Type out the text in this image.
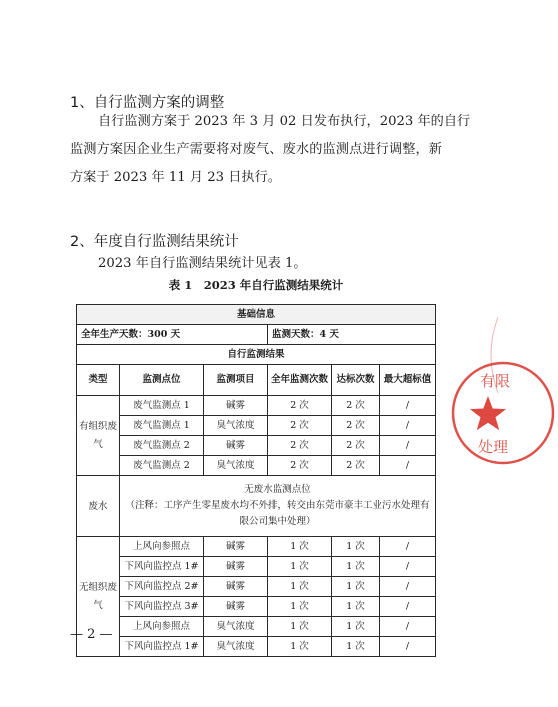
1、自行监测方案的调整
自行监测方案于 2023 年 3 月 02 日发布执行，2023 年的自行
监测方案因企业生产需要将对废气、废水的监测点进行调整，新
方案于 2023 年 11 月 23 日执行。
2、年度自行监测结果统计
2023 年自行监测结果统计见表 1。
表 1　2023 年自行监测结果统计
基础信息					
全年生产天数：300 天			监测天数：4 天		
自行监测结果					
类型	监测点位	监测项目	全年监测次数	达标次数	最大超标值
有组织废气	废气监测点 1	碱雾	2 次	2 次	/
	废气监测点 1	臭气浓度	2 次	2 次	/
	废气监测点 2	碱雾	2 次	2 次	/
	废气监测点 2	臭气浓度	2 次	2 次	/
废水	无废水监测点位
（注释：工序产生零星废水均不外排，转交由东莞市豪丰工业污水处理有限公司集中处理）				

无组织废气	上风向参照点	碱雾	1 次	1 次	/
	下风向监控点 1#	碱雾	1 次	1 次	/
	下风向监控点 2#	碱雾	1 次	1 次	/
	下风向监控点 3#	碱雾	1 次	1 次	/
	上风向参照点	臭气浓度	1 次	1 次	/
	下风向监控点 1#	臭气浓度	1 次	1 次	/
有限
处理
— 2 —
